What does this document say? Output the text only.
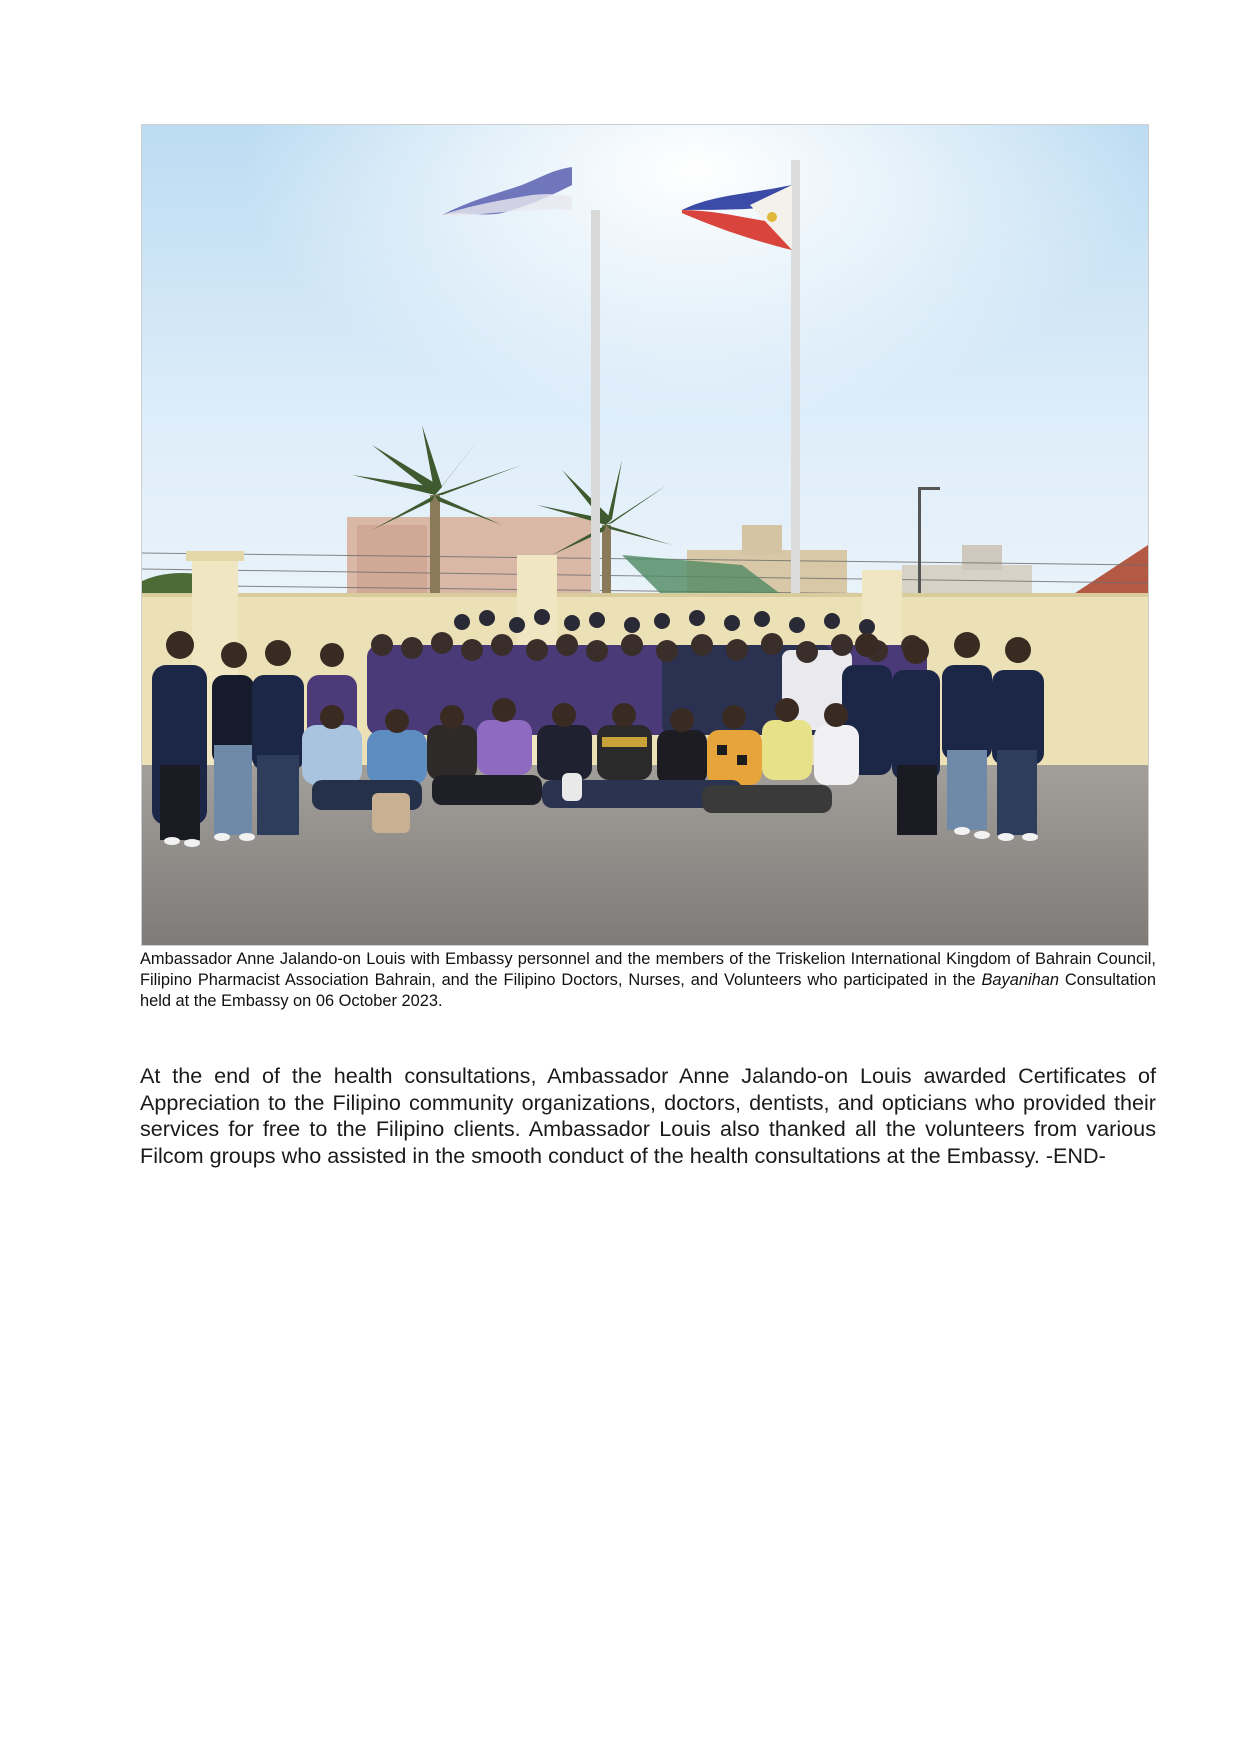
Ambassador Anne Jalando-on Louis with Embassy personnel and the members of the Triskelion International Kingdom of Bahrain Council, Filipino Pharmacist Association Bahrain, and the Filipino Doctors, Nurses, and Volunteers who participated in the Bayanihan Consultation held at the Embassy on 06 October 2023.
At the end of the health consultations, Ambassador Anne Jalando-on Louis awarded Certificates of Appreciation to the Filipino community organizations, doctors, dentists, and opticians who provided their services for free to the Filipino clients. Ambassador Louis also thanked all the volunteers from various Filcom groups who assisted in the smooth conduct of the health consultations at the Embassy. -END-
